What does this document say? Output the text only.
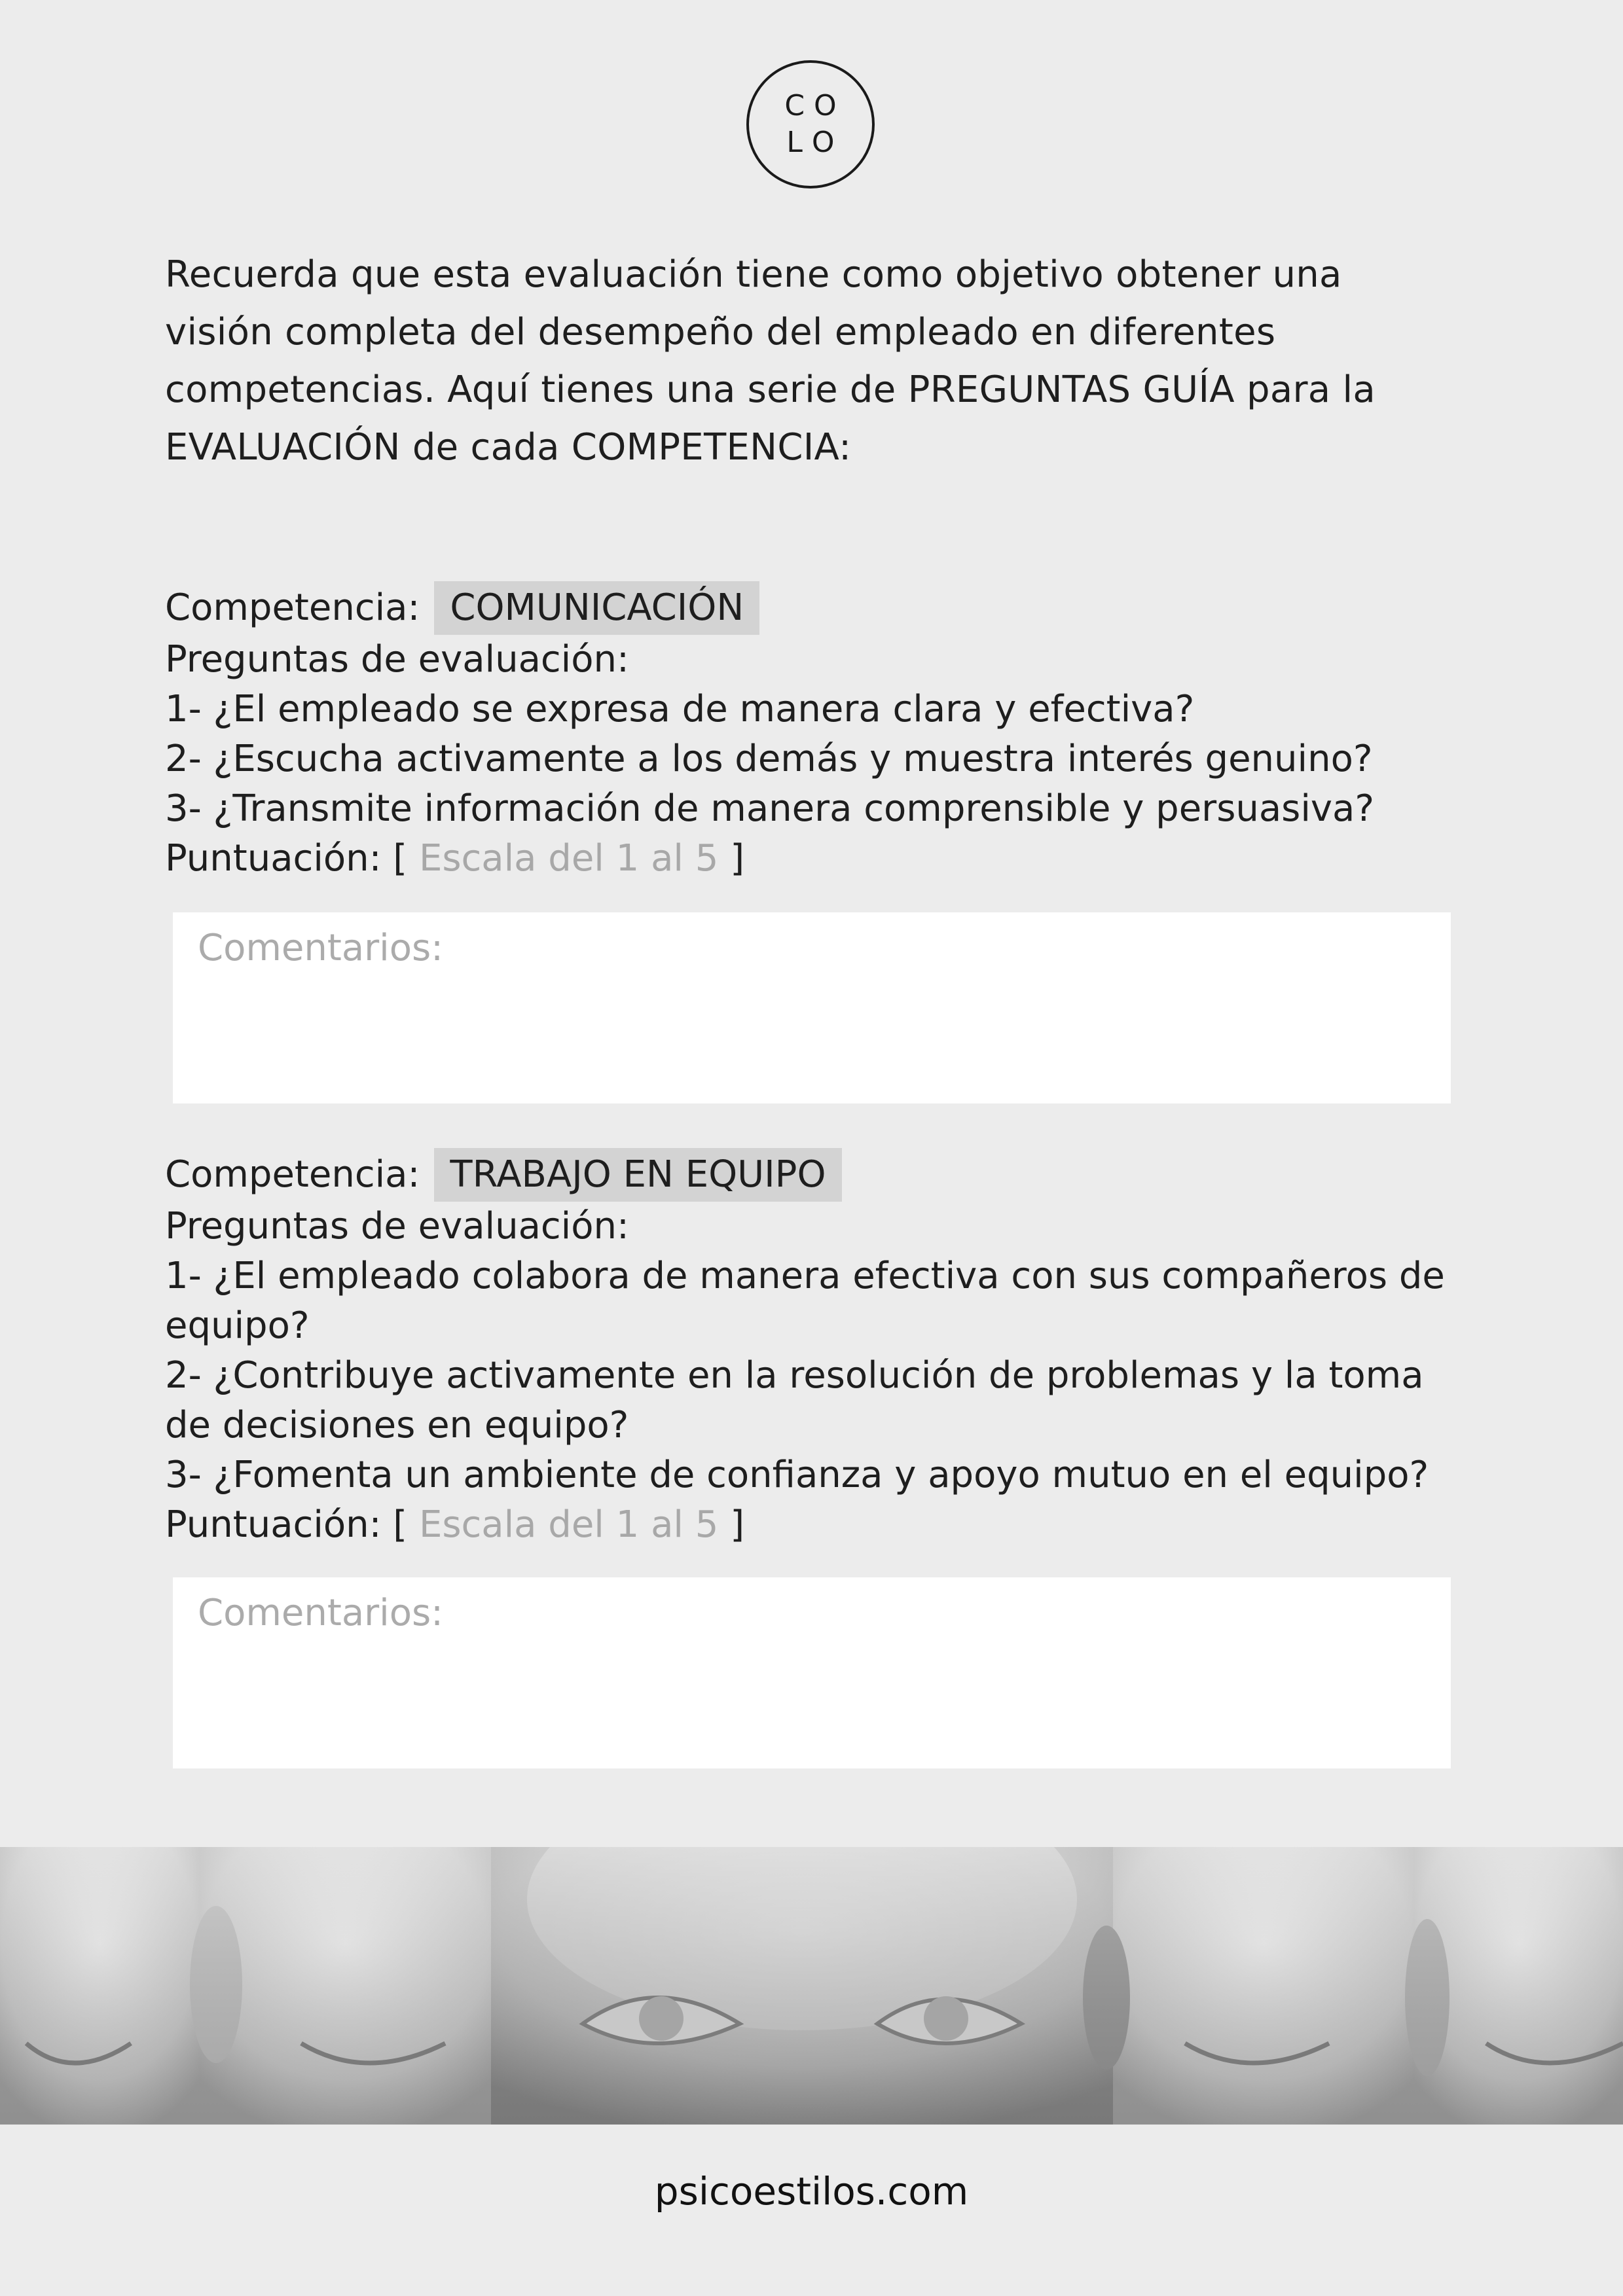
C O
L O

Recuerda que esta evaluación tiene como objetivo obtener una

visión completa del desempeño del empleado en diferentes

competencias. Aquí tienes una serie de PREGUNTAS GUÍA para la

EVALUACIÓN de cada COMPETENCIA:

Competencia: COMUNICACIÓN

Preguntas de evaluación:

1- ¿El empleado se expresa de manera clara y efectiva?

2- ¿Escucha activamente a los demás y muestra interés genuino?

3- ¿Transmite información de manera comprensible y persuasiva?

Puntuación: [ Escala del 1 al 5 ]

Comentarios:
Competencia: TRABAJO EN EQUIPO

Preguntas de evaluación:

1- ¿El empleado colabora de manera efectiva con sus compañeros de

equipo?

2- ¿Contribuye activamente en la resolución de problemas y la toma

de decisiones en equipo?

3- ¿Fomenta un ambiente de confianza y apoyo mutuo en el equipo?

Puntuación: [ Escala del 1 al 5 ]

Comentarios:
psicoestilos.com
